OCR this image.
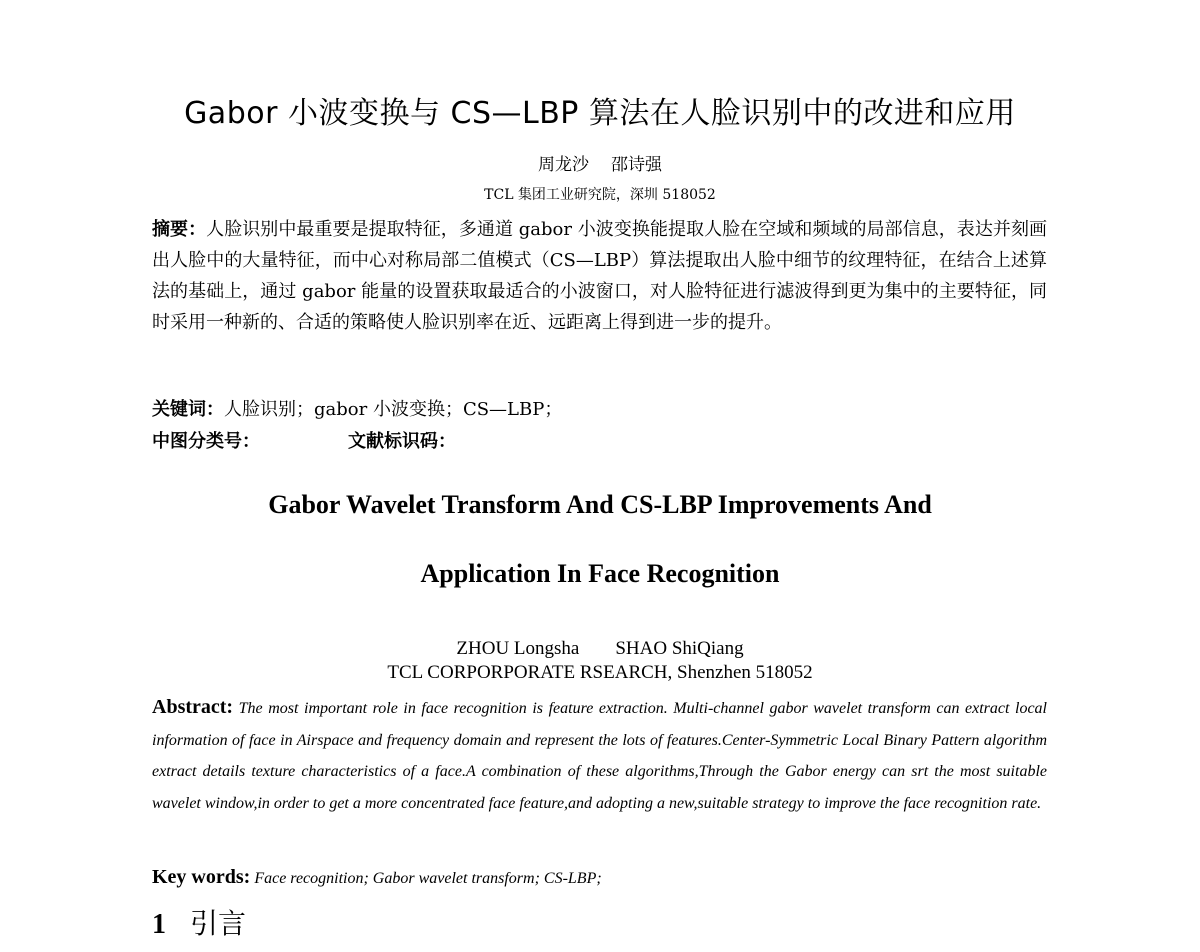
Gabor 小波变换与 CS—LBP 算法在人脸识别中的改进和应用
周龙沙 邵诗强
TCL 集团工业研究院，深圳 518052
摘要：人脸识别中最重要是提取特征，多通道 gabor 小波变换能提取人脸在空域和频域的局部信息，表达并刻画出人脸中的大量特征，而中心对称局部二值模式（CS—LBP）算法提取出人脸中细节的纹理特征，在结合上述算法的基础上，通过 gabor 能量的设置获取最适合的小波窗口，对人脸特征进行滤波得到更为集中的主要特征，同时采用一种新的、合适的策略使人脸识别率在近、远距离上得到进一步的提升。
关键词：人脸识别；gabor 小波变换；CS—LBP；
中图分类号：	文献标识码：
Gabor Wavelet Transform And CS-LBP Improvements And
Application In Face Recognition
ZHOU Longsha SHAO ShiQiang
TCL CORPORPORATE RSEARCH, Shenzhen 518052
Abstract: The most important role in face recognition is feature extraction. Multi-channel gabor wavelet transform can extract local information of face in Airspace and frequency domain and represent the lots of features.Center-Symmetric Local Binary Pattern algorithm extract details texture characteristics of a face.A combination of these algorithms,Through the Gabor energy can srt the most suitable wavelet window,in order to get a more concentrated face feature,and adopting a new,suitable strategy to improve the face recognition rate.
Key words: Face recognition; Gabor wavelet transform; CS-LBP;
1 引言
